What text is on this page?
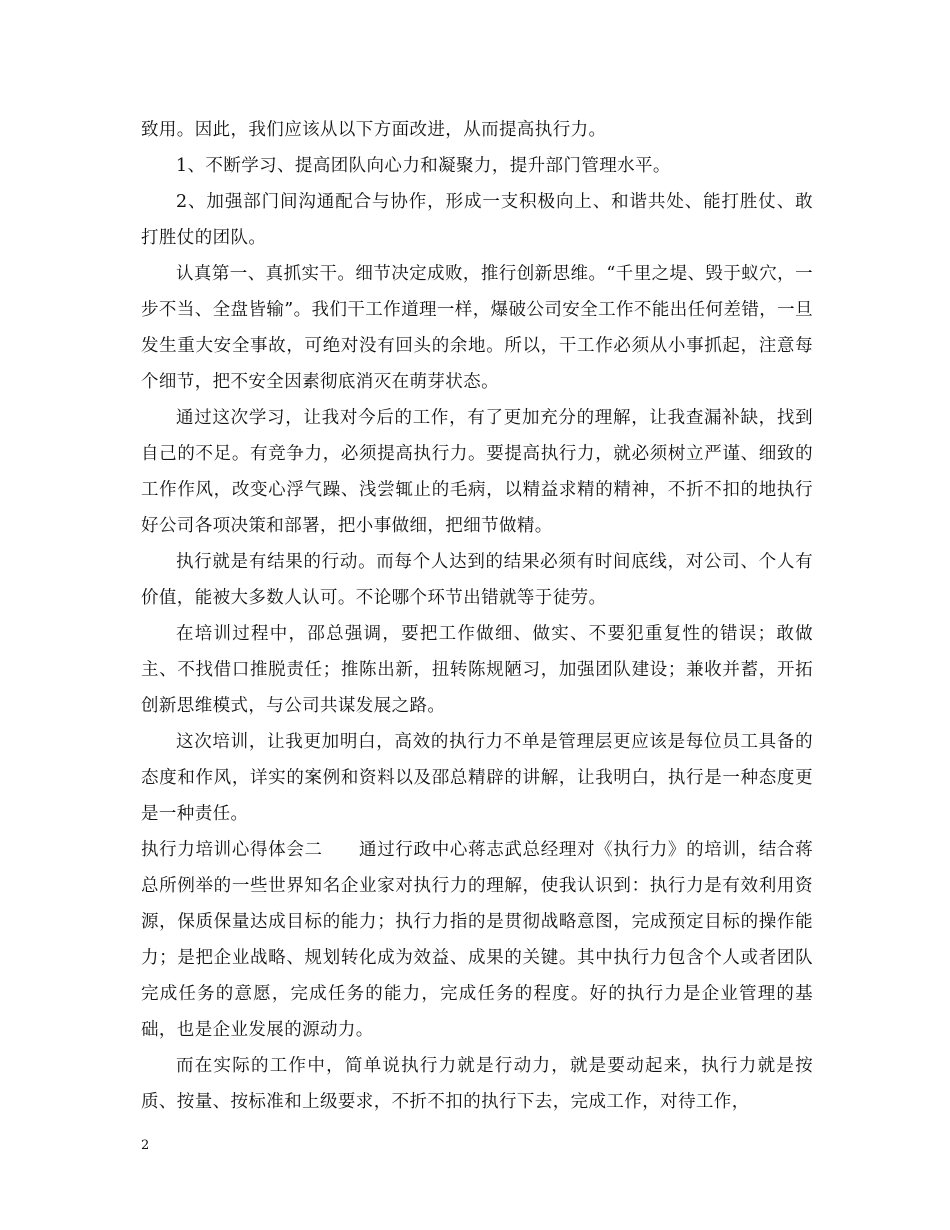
致用。因此，我们应该从以下方面改进，从而提高执行力。

1、不断学习、提高团队向心力和凝聚力，提升部门管理水平。

2、加强部门间沟通配合与协作，形成一支积极向上、和谐共处、能打胜仗、敢打胜仗的团队。

认真第一、真抓实干。细节决定成败，推行创新思维。“千里之堤、毁于蚁穴，一步不当、全盘皆输”。我们干工作道理一样，爆破公司安全工作不能出任何差错，一旦发生重大安全事故，可绝对没有回头的余地。所以，干工作必须从小事抓起，注意每个细节，把不安全因素彻底消灭在萌芽状态。

通过这次学习，让我对今后的工作，有了更加充分的理解，让我查漏补缺，找到自己的不足。有竞争力，必须提高执行力。要提高执行力，就必须树立严谨、细致的工作作风，改变心浮气躁、浅尝辄止的毛病，以精益求精的精神，不折不扣的地执行好公司各项决策和部署，把小事做细，把细节做精。

执行就是有结果的行动。而每个人达到的结果必须有时间底线，对公司、个人有价值，能被大多数人认可。不论哪个环节出错就等于徒劳。

在培训过程中，邵总强调，要把工作做细、做实、不要犯重复性的错误；敢做主、不找借口推脱责任；推陈出新，扭转陈规陋习，加强团队建设；兼收并蓄，开拓创新思维模式，与公司共谋发展之路。

这次培训，让我更加明白，高效的执行力不单是管理层更应该是每位员工具备的态度和作风，详实的案例和资料以及邵总精辟的讲解，让我明白，执行是一种态度更是一种责任。

执行力培训心得体会二　　通过行政中心蒋志武总经理对《执行力》的培训，结合蒋总所例举的一些世界知名企业家对执行力的理解，使我认识到：执行力是有效利用资源，保质保量达成目标的能力；执行力指的是贯彻战略意图，完成预定目标的操作能力；是把企业战略、规划转化成为效益、成果的关键。其中执行力包含个人或者团队完成任务的意愿，完成任务的能力，完成任务的程度。好的执行力是企业管理的基础，也是企业发展的源动力。

而在实际的工作中，简单说执行力就是行动力，就是要动起来，执行力就是按质、按量、按标准和上级要求，不折不扣的执行下去，完成工作，对待工作，

2
